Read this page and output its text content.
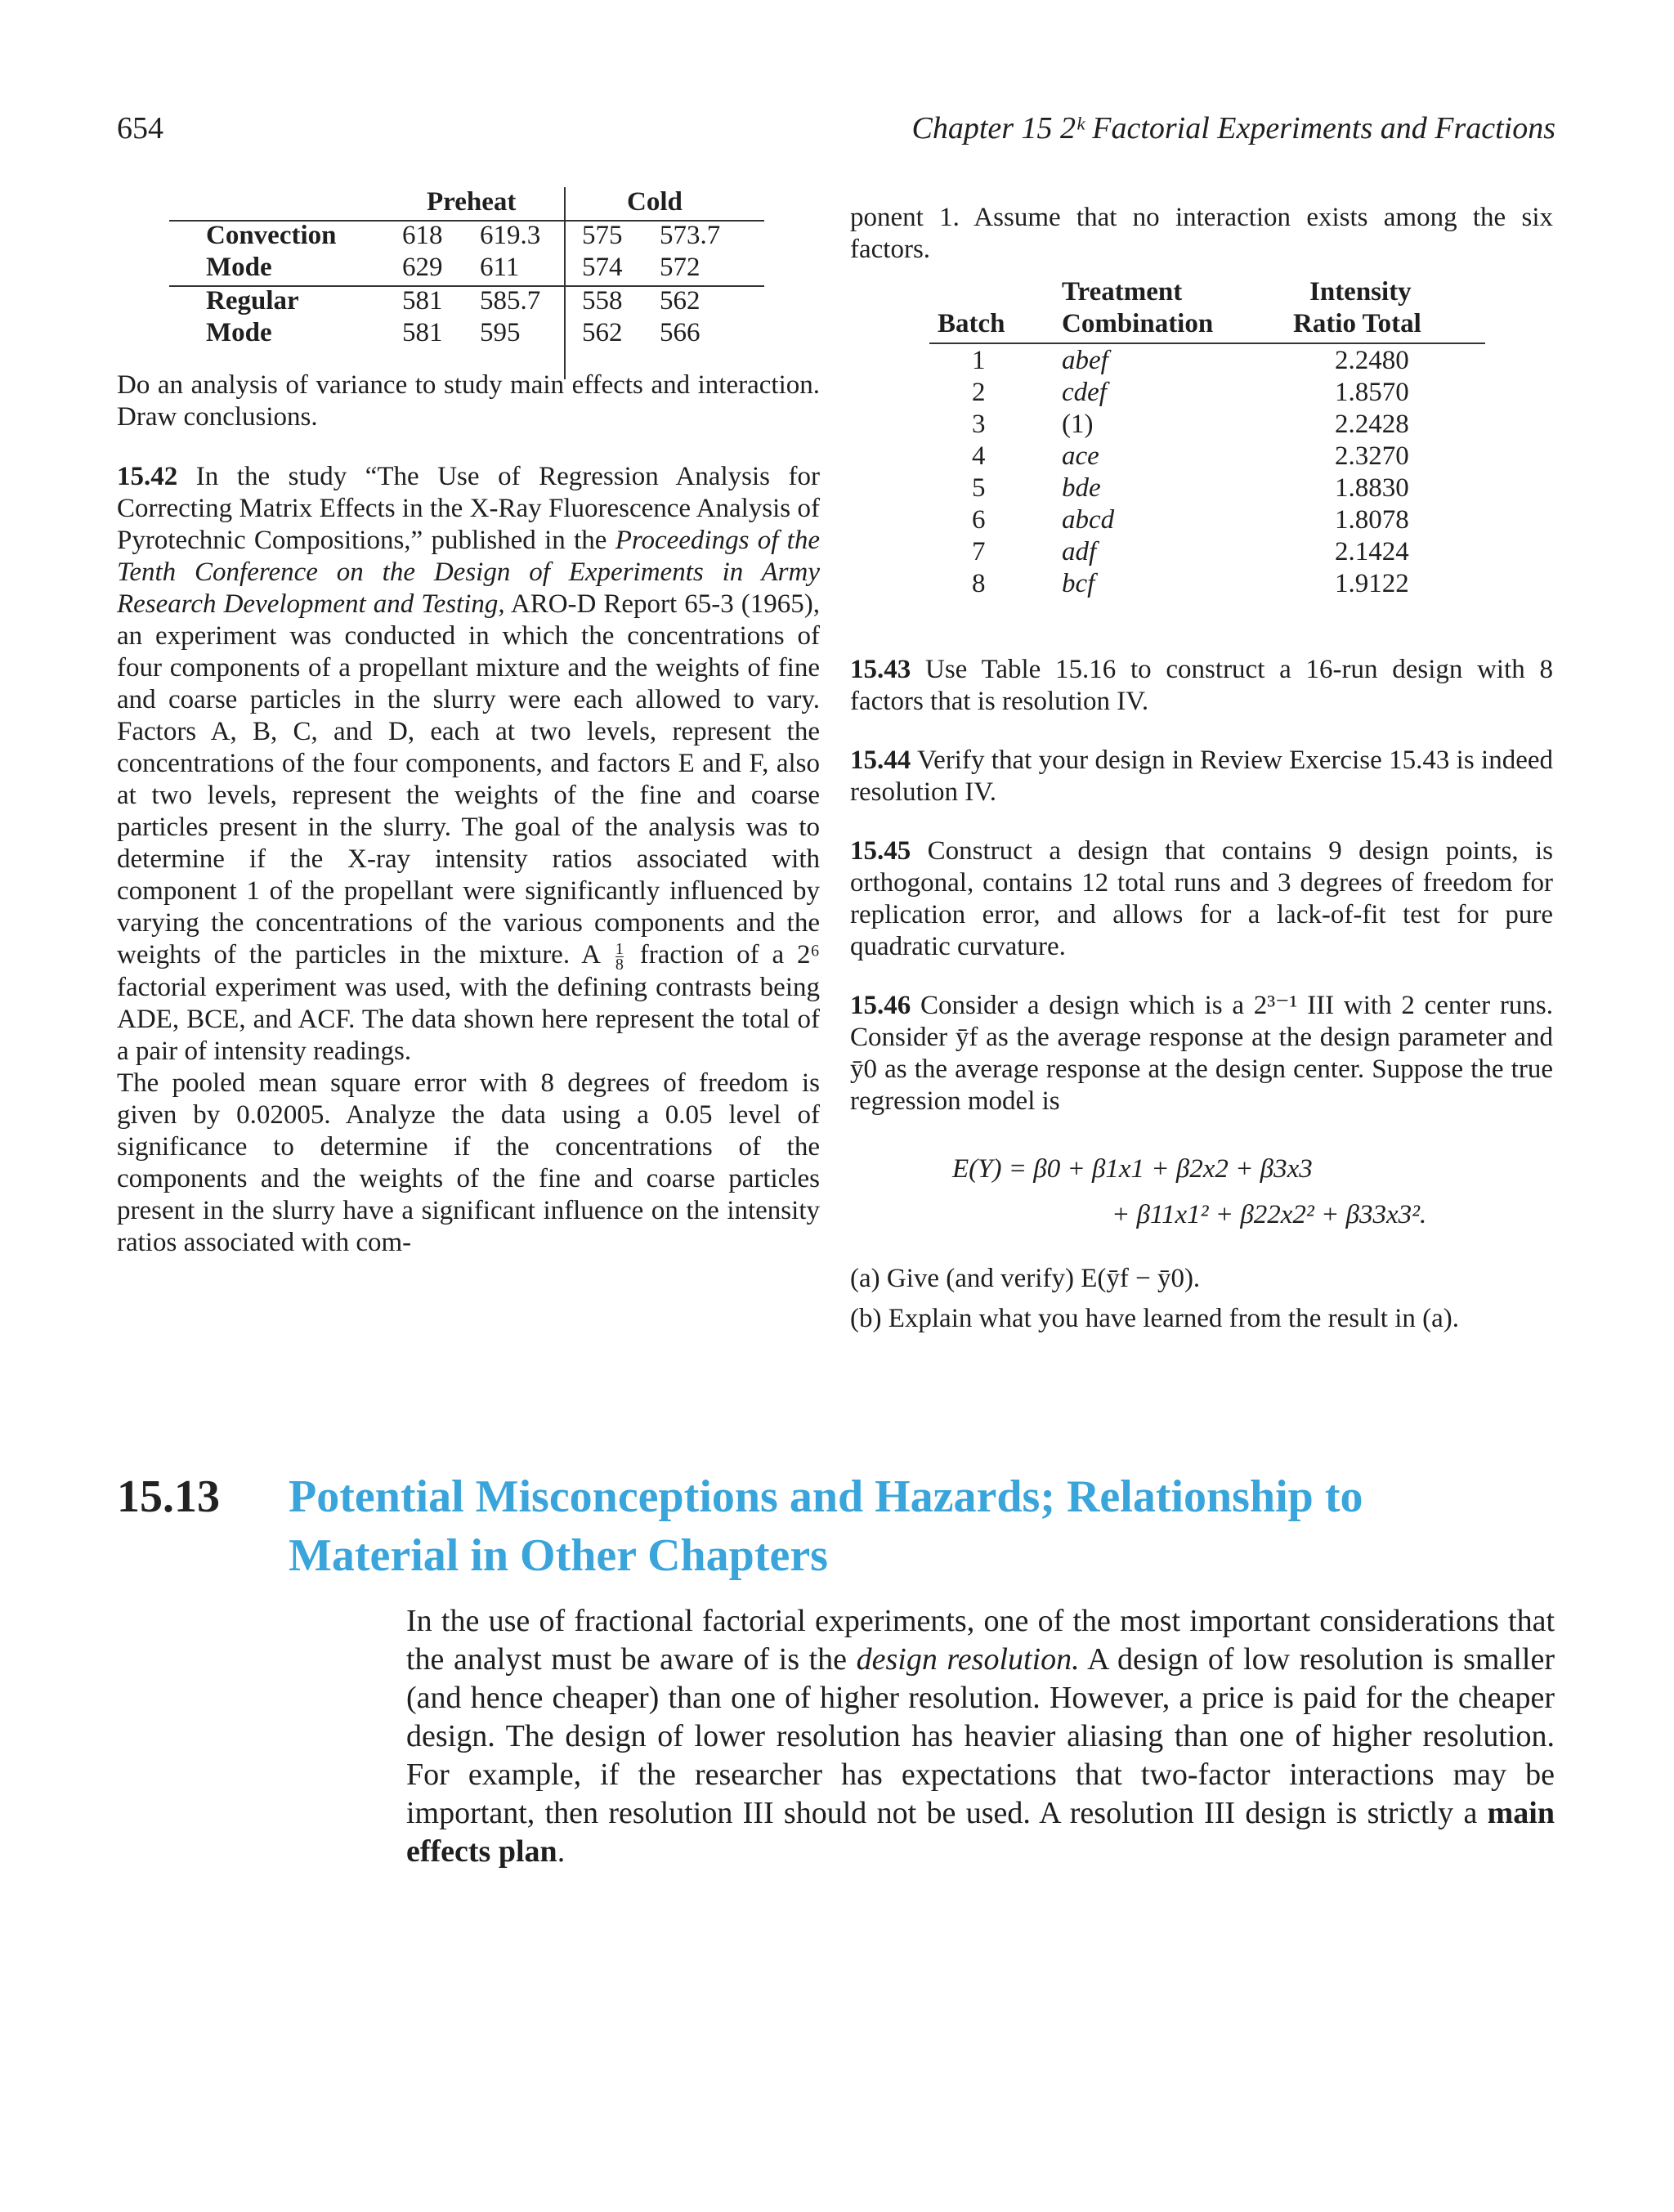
654	Chapter 15 2ᵏ Factorial Experiments and Fractions
Preheat	Cold
Convection 618 619.3 575 573.7
Mode	629 611 574 572
Regular	581 585.7 558 562
Mode	581 595 562 566

Do an analysis of variance to study main effects and interaction. Draw conclusions.

15.42 In the study “The Use of Regression Analysis for Correcting Matrix Effects in the X-Ray Fluorescence Analysis of Pyrotechnic Compositions,” published in the Proceedings of the Tenth Conference on the Design of Experiments in Army Research Development and Testing, ARO-D Report 65-3 (1965), an experiment was conducted in which the concentrations of four components of a propellant mixture and the weights of fine and coarse particles in the slurry were each allowed to vary. Factors A, B, C, and D, each at two levels, represent the concentrations of the four components, and factors E and F, also at two levels, represent the weights of the fine and coarse particles present in the slurry. The goal of the analysis was to determine if the X-ray intensity ratios associated with component 1 of the propellant were significantly influenced by varying the concentrations of the various components and the weights of the particles in the mixture. A $\frac{1}{8}$ fraction of a 2⁶ factorial experiment was used, with the defining contrasts being ADE, BCE, and ACF. The data shown here represent the total of a pair of intensity readings.

The pooled mean square error with 8 degrees of freedom is given by 0.02005. Analyze the data using a 0.05 level of significance to determine if the concentrations of the components and the weights of the fine and coarse particles present in the slurry have a significant influence on the intensity ratios associated with com-

ponent 1. Assume that no interaction exists among the six factors.

Treatment	Intensity
Batch Combination	Ratio Total
1	abef	2.2480
2	cdef	1.8570
3	(1)	2.2428
4	ace	2.3270
5	bde	1.8830
6	abcd	1.8078
7	adf	2.1424
8	bcf	1.9122

15.43 Use Table 15.16 to construct a 16-run design with 8 factors that is resolution IV.

15.44 Verify that your design in Review Exercise 15.43 is indeed resolution IV.

15.45 Construct a design that contains 9 design points, is orthogonal, contains 12 total runs and 3 degrees of freedom for replication error, and allows for a lack-of-fit test for pure quadratic curvature.

15.46 Consider a design which is a 2³⁻¹ III with 2 center runs. Consider ȳf as the average response at the design parameter and ȳ0 as the average response at the design center. Suppose the true regression model is

E(Y) = β0 + β1x1 + β2x2 + β3x3
+ β11x1² + β22x2² + β33x3².

(a) Give (and verify) E(ȳf − ȳ0).

(b) Explain what you have learned from the result in (a).

15.13 Potential Misconceptions and Hazards; Relationship to Material in Other Chapters
In the use of fractional factorial experiments, one of the most important considerations that the analyst must be aware of is the design resolution. A design of low resolution is smaller (and hence cheaper) than one of higher resolution. However, a price is paid for the cheaper design. The design of lower resolution has heavier aliasing than one of higher resolution. For example, if the researcher has expectations that two-factor interactions may be important, then resolution III should not be used. A resolution III design is strictly a main effects plan.
